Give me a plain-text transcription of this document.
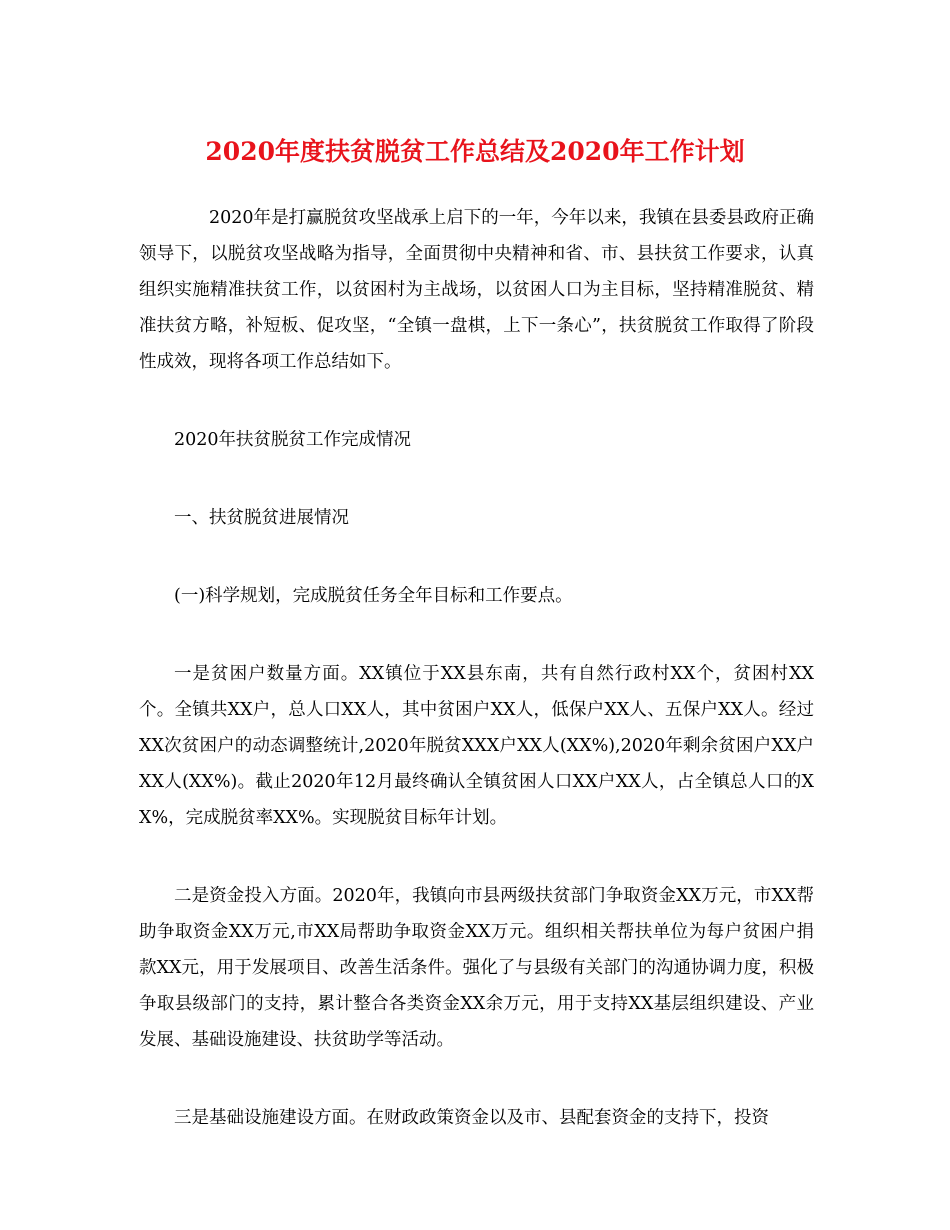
2020年度扶贫脱贫工作总结及2020年工作计划

2020年是打赢脱贫攻坚战承上启下的一年，今年以来，我镇在县委县政府正确领导下，以脱贫攻坚战略为指导，全面贯彻中央精神和省、市、县扶贫工作要求，认真组织实施精准扶贫工作，以贫困村为主战场，以贫困人口为主目标，坚持精准脱贫、精准扶贫方略，补短板、促攻坚，“全镇一盘棋，上下一条心”，扶贫脱贫工作取得了阶段性成效，现将各项工作总结如下。

2020年扶贫脱贫工作完成情况

一、扶贫脱贫进展情况

(一)科学规划，完成脱贫任务全年目标和工作要点。

一是贫困户数量方面。XX镇位于XX县东南，共有自然行政村XX个，贫困村XX个。全镇共XX户，总人口XX人，其中贫困户XX人，低保户XX人、五保户XX人。经过XX次贫困户的动态调整统计,2020年脱贫XXX户XX人(XX%),2020年剩余贫困户XX户XX人(XX%)。截止2020年12月最终确认全镇贫困人口XX户XX人，占全镇总人口的XX%，完成脱贫率XX%。实现脱贫目标年计划。

二是资金投入方面。2020年，我镇向市县两级扶贫部门争取资金XX万元，市XX帮助争取资金XX万元,市XX局帮助争取资金XX万元。组织相关帮扶单位为每户贫困户捐款XX元，用于发展项目、改善生活条件。强化了与县级有关部门的沟通协调力度，积极争取县级部门的支持，累计整合各类资金XX余万元，用于支持XX基层组织建设、产业发展、基础设施建设、扶贫助学等活动。

三是基础设施建设方面。在财政政策资金以及市、县配套资金的支持下，投资
